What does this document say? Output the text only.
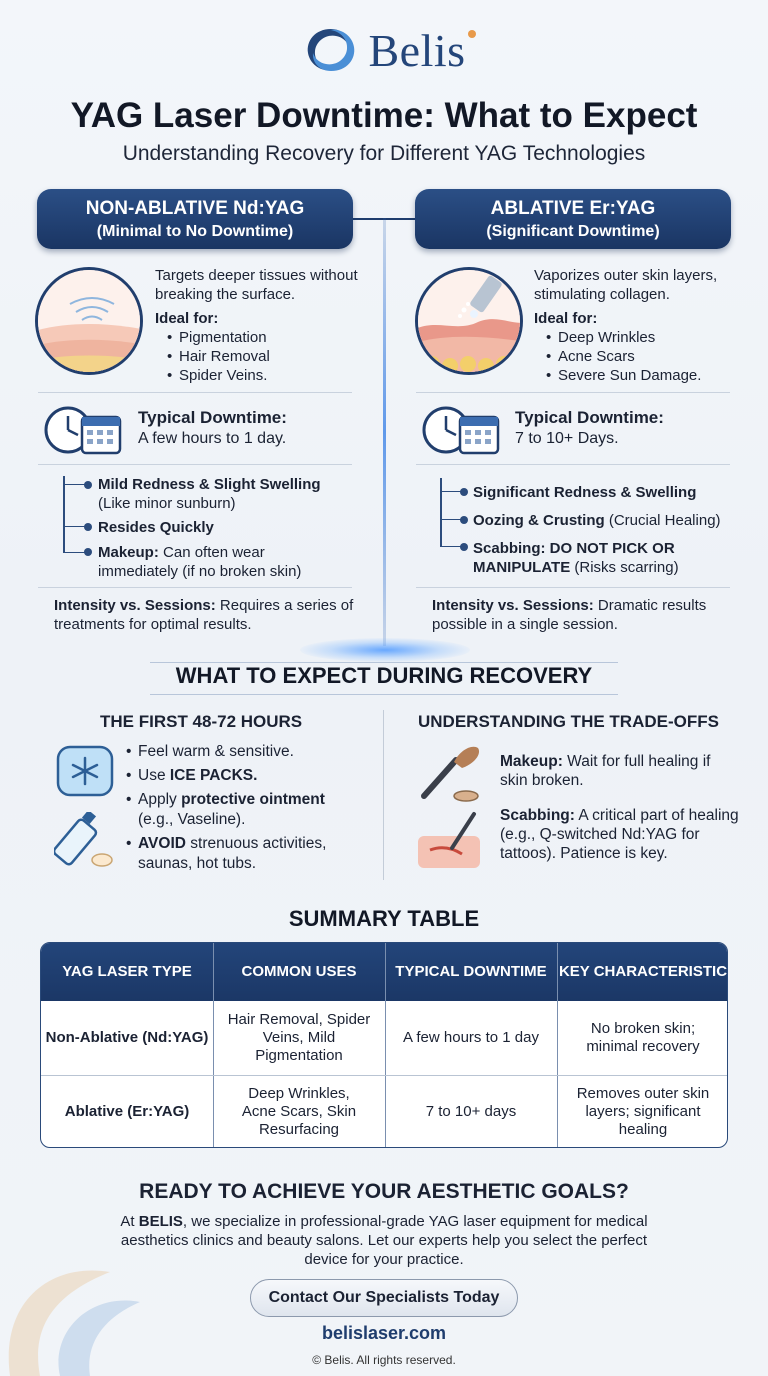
Belis
YAG Laser Downtime: What to Expect
Understanding Recovery for Different YAG Technologies
NON-ABLATIVE Nd:YAG
(Minimal to No Downtime)
ABLATIVE Er:YAG
(Significant Downtime)
Targets deeper tissues without breaking the surface.
Ideal for:
• Pigmentation
• Hair Removal
• Spider Veins.
Typical Downtime:
A few hours to 1 day.
Mild Redness & Slight Swelling
(Like minor sunburn)
Resides Quickly
Makeup: Can often wear immediately (if no broken skin)
Intensity vs. Sessions: Requires a series of treatments for optimal results.
Vaporizes outer skin layers, stimulating collagen.
Ideal for:
• Deep Wrinkles
• Acne Scars
• Severe Sun Damage.
Typical Downtime:
7 to 10+ Days.
Significant Redness & Swelling
Oozing & Crusting (Crucial Healing)
Scabbing: DO NOT PICK OR MANIPULATE (Risks scarring)
Intensity vs. Sessions: Dramatic results possible in a single session.
WHAT TO EXPECT DURING RECOVERY
THE FIRST 48-72 HOURS
• Feel warm & sensitive.
• Use ICE PACKS.
• Apply protective ointment (e.g., Vaseline).
• AVOID strenuous activities, saunas, hot tubs.
UNDERSTANDING THE TRADE-OFFS
Makeup: Wait for full healing if skin broken.
Scabbing: A critical part of healing (e.g., Q-switched Nd:YAG for tattoos). Patience is key.
SUMMARY TABLE
YAG LASER TYPE	COMMON USES	TYPICAL DOWNTIME KEY CHARACTERISTIC
Non-Ablative (Nd:YAG)
Hair Removal, Spider Veins, Mild Pigmentation
A few hours to 1 day
No broken skin; minimal recovery
Ablative (Er:YAG)
Deep Wrinkles, Acne Scars, Skin Resurfacing
7 to 10+ days
Removes outer skin layers; significant healing
READY TO ACHIEVE YOUR AESTHETIC GOALS?
At BELIS, we specialize in professional-grade YAG laser equipment for medical aesthetics clinics and beauty salons. Let our experts help you select the perfect device for your practice.
Contact Our Specialists Today
belislaser.com
© Belis. All rights reserved.
